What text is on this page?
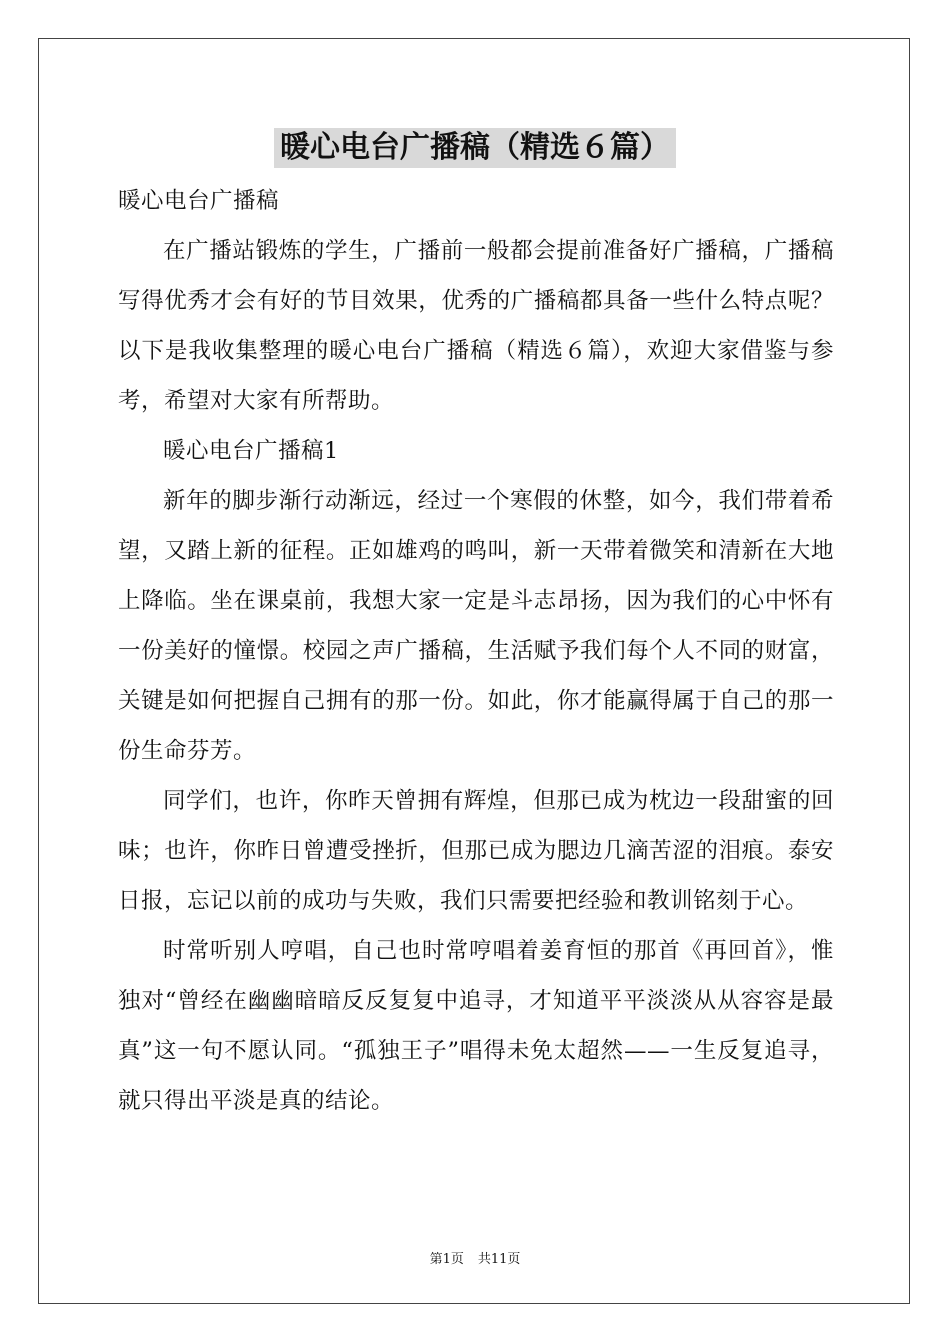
暖心电台广播稿（精选６篇）

暖心电台广播稿

在广播站锻炼的学生，广播前一般都会提前准备好广播稿，广播稿写得优秀才会有好的节目效果，优秀的广播稿都具备一些什么特点呢？以下是我收集整理的暖心电台广播稿（精选６篇），欢迎大家借鉴与参考，希望对大家有所帮助。

暖心电台广播稿1

新年的脚步渐行动渐远，经过一个寒假的休整，如今，我们带着希望，又踏上新的征程。正如雄鸡的鸣叫，新一天带着微笑和清新在大地上降临。坐在课桌前，我想大家一定是斗志昂扬，因为我们的心中怀有一份美好的憧憬。校园之声广播稿，生活赋予我们每个人不同的财富，关键是如何把握自己拥有的那一份。如此，你才能赢得属于自己的那一份生命芬芳。

同学们，也许，你昨天曾拥有辉煌，但那已成为枕边一段甜蜜的回味；也许，你昨日曾遭受挫折，但那已成为腮边几滴苦涩的泪痕。泰安日报，忘记以前的成功与失败，我们只需要把经验和教训铭刻于心。

时常听别人哼唱，自己也时常哼唱着姜育恒的那首《再回首》，惟独对“曾经在幽幽暗暗反反复复中追寻，才知道平平淡淡从从容容是最真”这一句不愿认同。“孤独王子”唱得未免太超然——一生反复追寻，就只得出平淡是真的结论。

第1页 共11页
